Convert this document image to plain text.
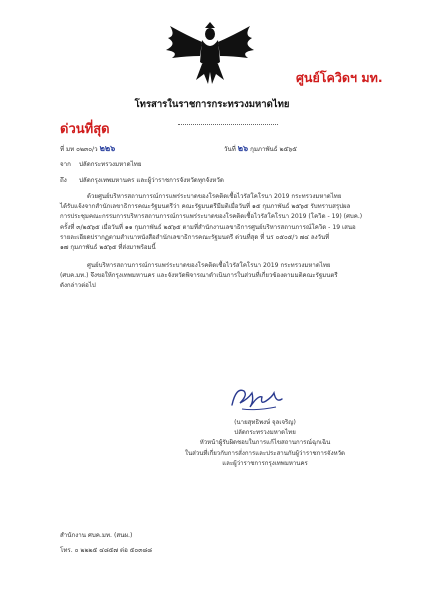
ศูนย์โควิดฯ มท.
โทรสารในราชการกระทรวงมหาดไทย
ด่วนที่สุด
ที่ มท ๐๒๓๐/ว ๒๒๖	วันที่ ๒๖ กุมภาพันธ์ ๒๕๖๕
จาก ปลัดกระทรวงมหาดไทย
ถึง ปลัดกรุงเทพมหานคร และผู้ว่าราชการจังหวัดทุกจังหวัด
ด้วยศูนย์บริหารสถานการณ์การแพร่ระบาดของโรคติดเชื้อไวรัสโคโรนา 2019 กระทรวงมหาดไทย
ได้รับแจ้งจากสำนักเลขาธิการคณะรัฐมนตรีว่า คณะรัฐมนตรีมีมติเมื่อวันที่ ๑๕ กุมภาพันธ์ ๒๕๖๕ รับทราบสรุปผล
การประชุมคณะกรรมการบริหารสถานการณ์การแพร่ระบาดของโรคติดเชื้อไวรัสโคโรนา 2019 (โควิด - 19) (ศบค.)
ครั้งที่ ๓/๒๕๖๕ เมื่อวันที่ ๑๑ กุมภาพันธ์ ๒๕๖๕ ตามที่สำนักงานเลขาธิการศูนย์บริหารสถานการณ์โควิด - 19 เสนอ
รายละเอียดปรากฏตามสำเนาหนังสือสำนักเลขาธิการคณะรัฐมนตรี ด่วนที่สุด ที่ นร ๐๕๐๕/ว ๗๔ ลงวันที่
๑๗ กุมภาพันธ์ ๒๕๖๕ ที่ส่งมาพร้อมนี้
ศูนย์บริหารสถานการณ์การแพร่ระบาดของโรคติดเชื้อไวรัสโคโรนา 2019 กระทรวงมหาดไทย
(ศบค.มท.) จึงขอให้กรุงเทพมหานคร และจังหวัดพิจารณาดำเนินการในส่วนที่เกี่ยวข้องตามมติคณะรัฐมนตรี
ดังกล่าวต่อไป
(นายสุทธิพงษ์ จุลเจริญ)
ปลัดกระทรวงมหาดไทย
หัวหน้าผู้รับผิดชอบในการแก้ไขสถานการณ์ฉุกเฉิน
ในส่วนที่เกี่ยวกับการสั่งการและประสานกับผู้ว่าราชการจังหวัด
และผู้ว่าราชการกรุงเทพมหานคร
สำนักงาน ศบค.มท. (สนผ.)
โทร. ๐ ๒๒๒๕ ๔๘๕๗ ต่อ ๕๐๓๘๘
